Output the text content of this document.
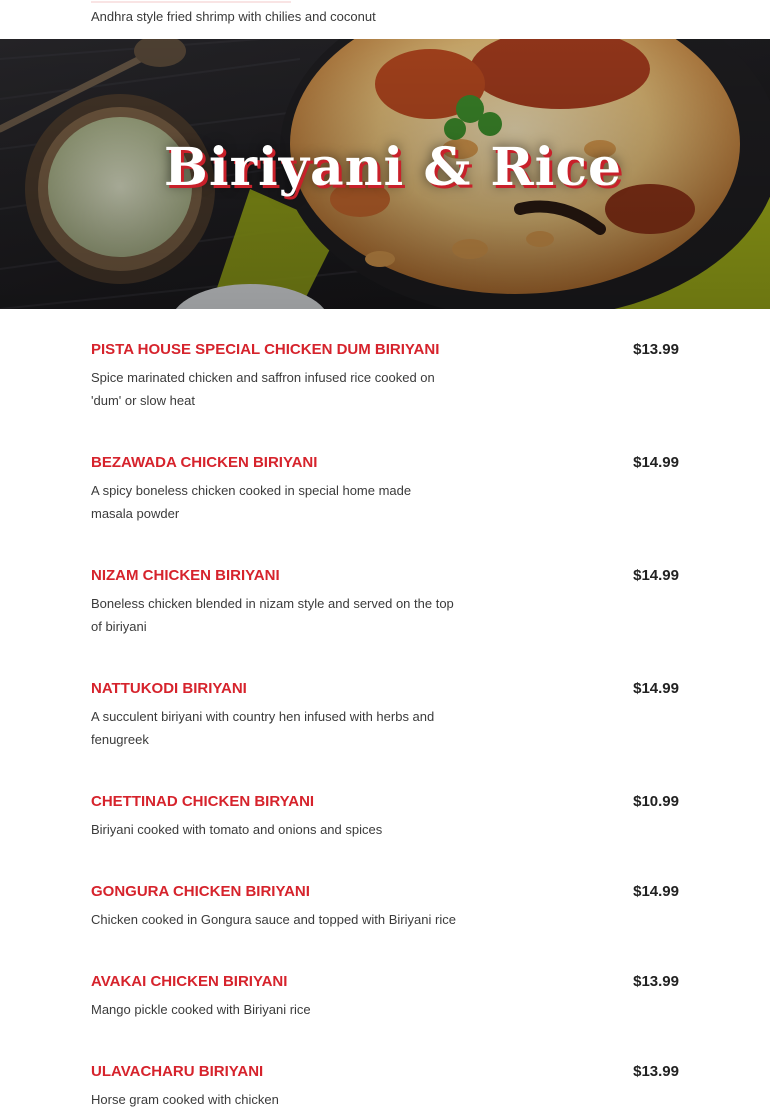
Andhra style fried shrimp with chilies and coconut
Biriyani & Rice
PISTA HOUSE SPECIAL CHICKEN DUM BIRIYANI	$13.99
Spice marinated chicken and saffron infused rice cooked on 'dum' or slow heat
BEZAWADA CHICKEN BIRIYANI	$14.99
A spicy boneless chicken cooked in special home made masala powder
NIZAM CHICKEN BIRIYANI	$14.99
Boneless chicken blended in nizam style and served on the top of biriyani
NATTUKODI BIRIYANI	$14.99
A succulent biriyani with country hen infused with herbs and fenugreek
CHETTINAD CHICKEN BIRYANI	$10.99
Biriyani cooked with tomato and onions and spices
GONGURA CHICKEN BIRIYANI	$14.99
Chicken cooked in Gongura sauce and topped with Biriyani rice
AVAKAI CHICKEN BIRIYANI	$13.99
Mango pickle cooked with Biriyani rice
ULAVACHARU BIRIYANI	$13.99
Horse gram cooked with chicken
